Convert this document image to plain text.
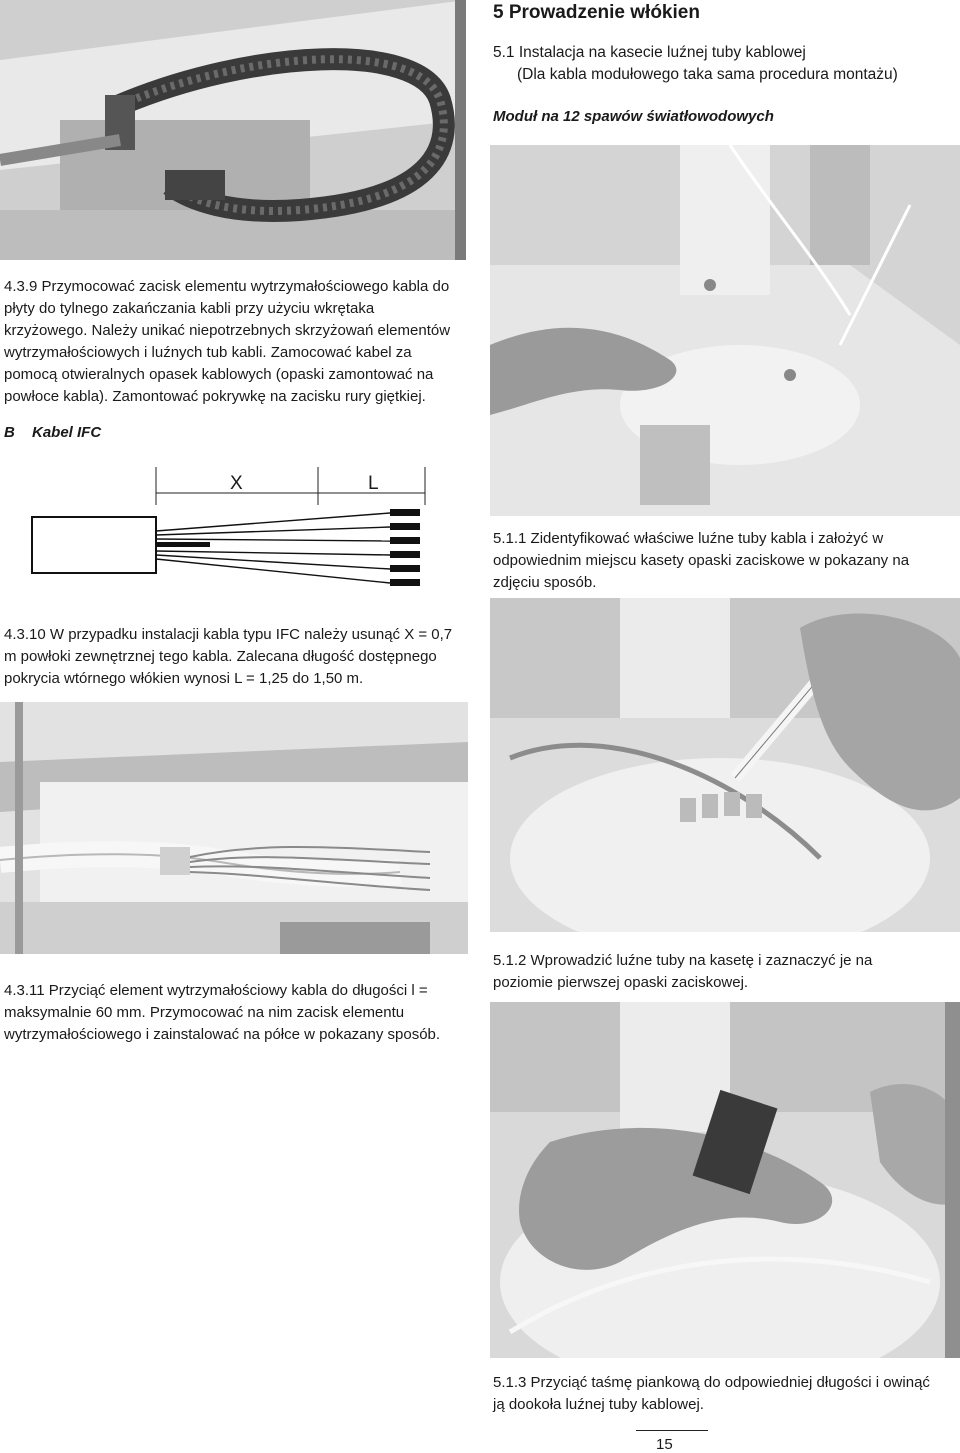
5 Prowadzenie włókien
5.1 Instalacja na kasecie luźnej tuby kablowej
(Dla kabla modułowego taka sama procedura montażu)
Moduł na 12 spawów światłowodowych
4.3.9 Przymocować zacisk elementu wytrzymałościowego kabla do płyty do tylnego zakańczania kabli przy użyciu wkrętaka krzyżowego. Należy unikać niepotrzebnych skrzyżowań elementów wytrzymałościowych i luźnych tub kabli. Zamocować kabel za pomocą otwieralnych opasek kablowych (opaski zamontować na powłoce kabla). Zamontować pokrywkę na zacisku rury giętkiej.
B Kabel IFC
X	L
5.1.1 Zidentyfikować właściwe luźne tuby kabla i założyć w odpowiednim miejscu kasety opaski zaciskowe w pokazany na zdjęciu sposób.
4.3.10 W przypadku instalacji kabla typu IFC należy usunąć X = 0,7 m powłoki zewnętrznej tego kabla. Zalecana długość dostępnego pokrycia wtórnego włókien wynosi L = 1,25 do 1,50 m.
5.1.2 Wprowadzić luźne tuby na kasetę i zaznaczyć je na poziomie pierwszej opaski zaciskowej.
4.3.11 Przyciąć element wytrzymałościowy kabla do długości l = maksymalnie 60 mm. Przymocować na nim zacisk elementu wytrzymałościowego i zainstalować na półce w pokazany sposób.
5.1.3 Przyciąć taśmę piankową do odpowiedniej długości i owinąć ją dookoła luźnej tuby kablowej.
15
